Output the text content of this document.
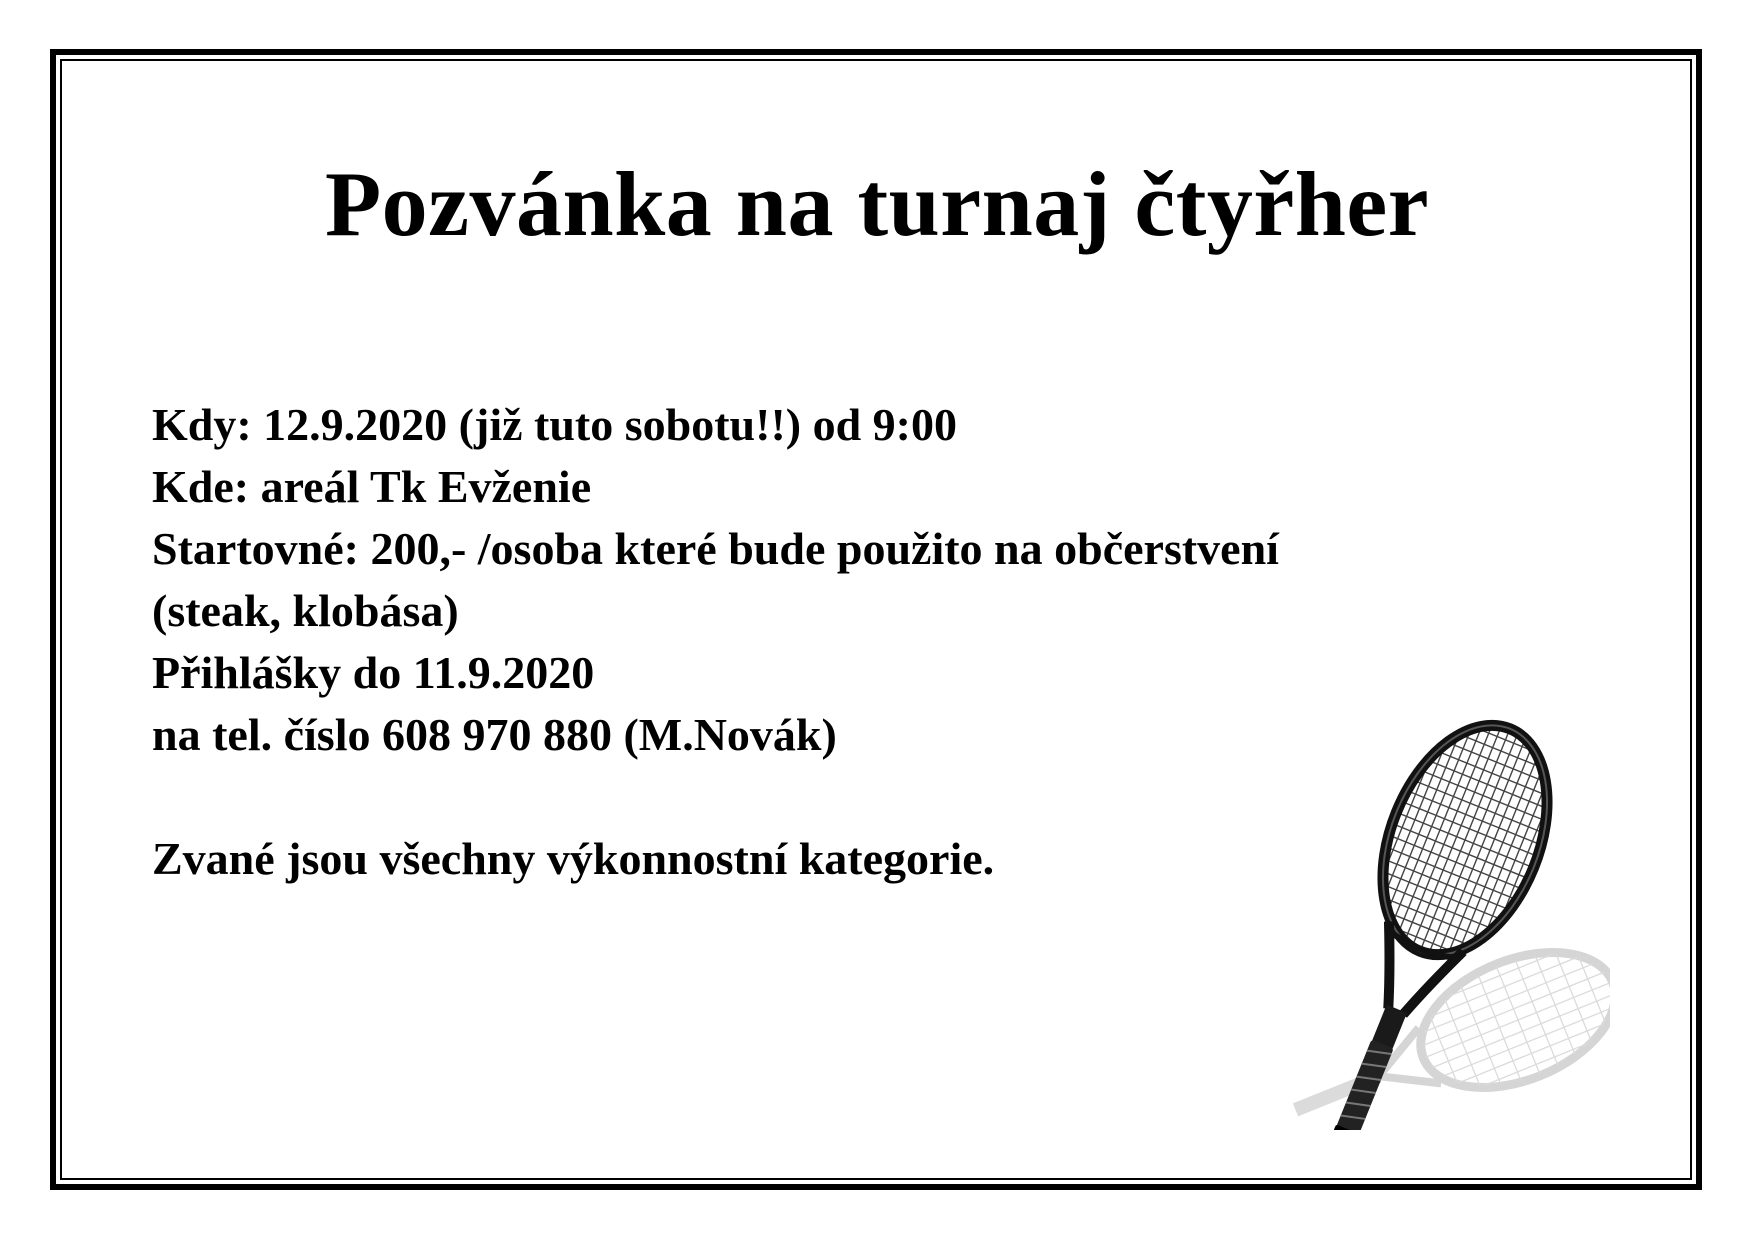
Pozvánka na turnaj čtyřher
Kdy: 12.9.2020 (již tuto sobotu!!) od 9:00
Kde: areál Tk Evženie
Startovné: 200,- /osoba které bude použito na občerstvení
(steak, klobása)
Přihlášky do 11.9.2020
na tel. číslo 608 970 880 (M.Novák)
Zvané jsou všechny výkonnostní kategorie.
